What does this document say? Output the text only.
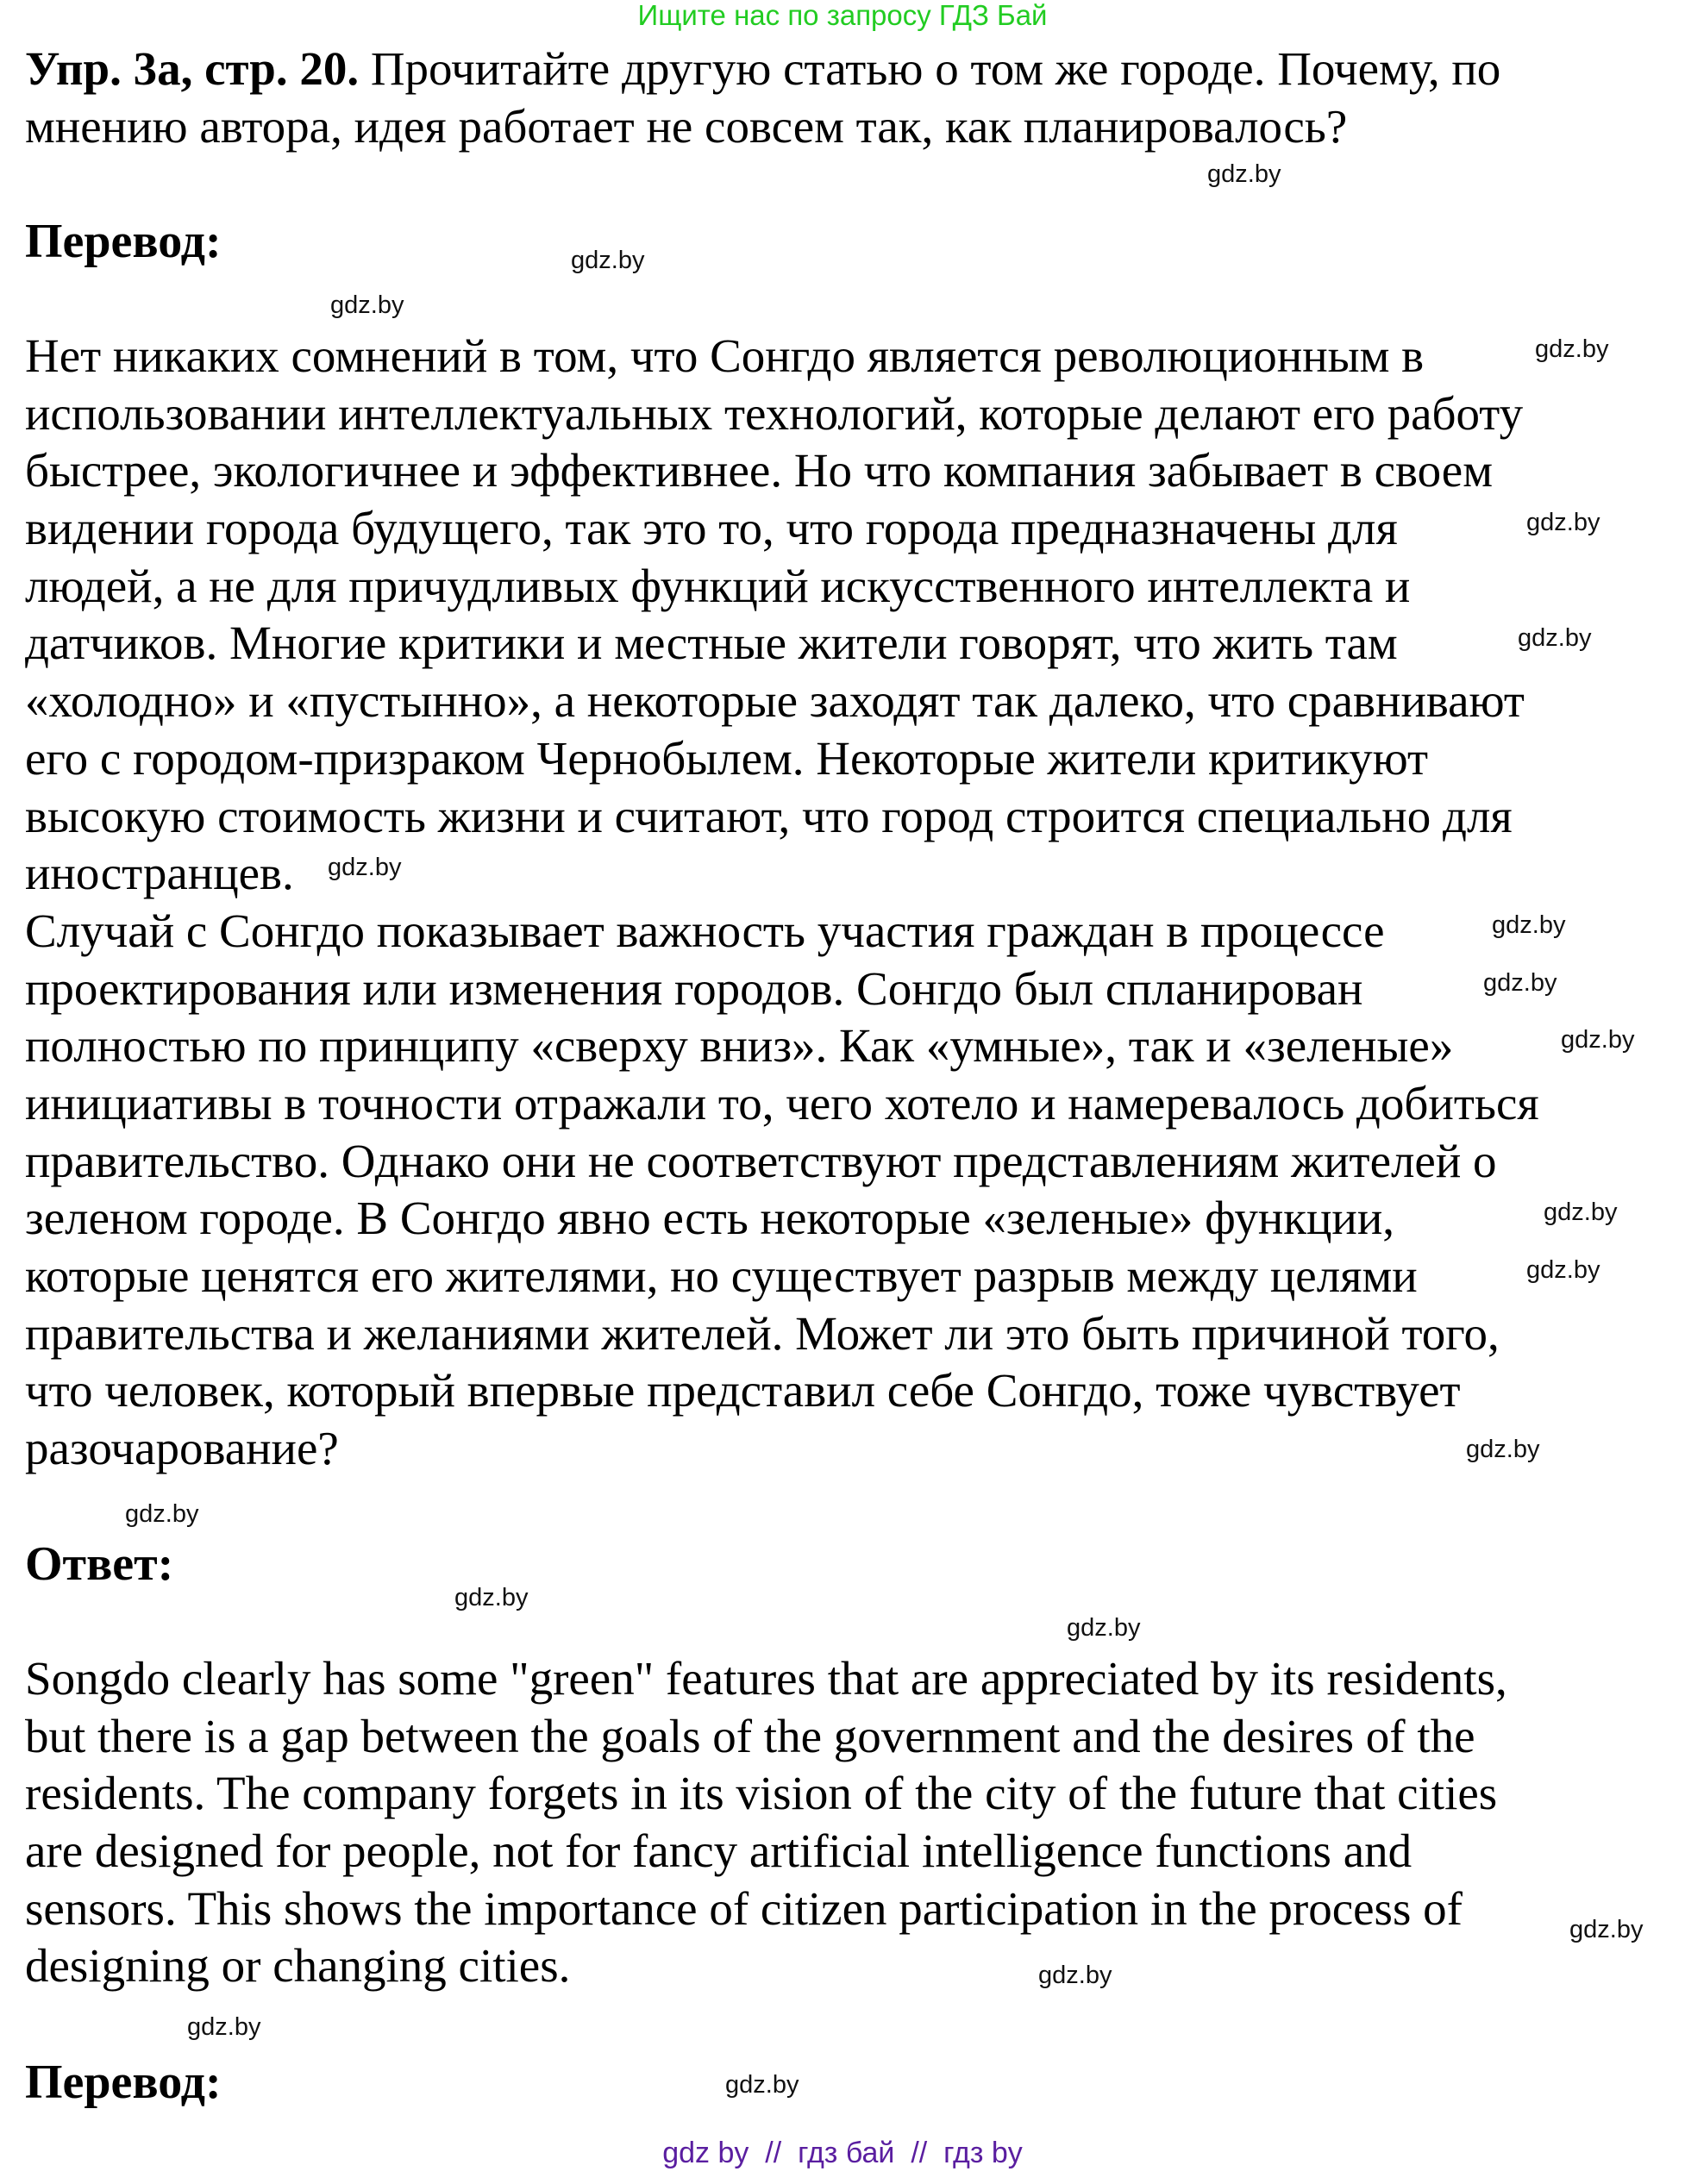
Ищите нас по запросу ГДЗ Бай
Упр. 3а, стр. 20. Прочитайте другую статью о том же городе. Почему, по
мнению автора, идея работает не совсем так, как планировалось?
Перевод:
Нет никаких сомнений в том, что Сонгдо является революционным в
использовании интеллектуальных технологий, которые делают его работу
быстрее, экологичнее и эффективнее. Но что компания забывает в своем
видении города будущего, так это то, что города предназначены для
людей, а не для причудливых функций искусственного интеллекта и
датчиков. Многие критики и местные жители говорят, что жить там
«холодно» и «пустынно», а некоторые заходят так далеко, что сравнивают
его с городом-призраком Чернобылем. Некоторые жители критикуют
высокую стоимость жизни и считают, что город строится специально для
иностранцев.
Случай с Сонгдо показывает важность участия граждан в процессе
проектирования или изменения городов. Сонгдо был спланирован
полностью по принципу «сверху вниз». Как «умные», так и «зеленые»
инициативы в точности отражали то, чего хотело и намеревалось добиться
правительство. Однако они не соответствуют представлениям жителей о
зеленом городе. В Сонгдо явно есть некоторые «зеленые» функции,
которые ценятся его жителями, но существует разрыв между целями
правительства и желаниями жителей. Может ли это быть причиной того,
что человек, который впервые представил себе Сонгдо, тоже чувствует
разочарование?
Ответ:
Songdo clearly has some "green" features that are appreciated by its residents,
but there is a gap between the goals of the government and the desires of the
residents. The company forgets in its vision of the city of the future that cities
are designed for people, not for fancy artificial intelligence functions and
sensors. This shows the importance of citizen participation in the process of
designing or changing cities.
Перевод:
gdz.by
gdz.by
gdz.by
gdz.by
gdz.by
gdz.by
gdz.by
gdz.by
gdz.by
gdz.by
gdz.by
gdz.by
gdz.by
gdz.by
gdz.by
gdz.by
gdz.by
gdz.by
gdz.by
gdz.by
gdz by  //  гдз бай  //  гдз by
